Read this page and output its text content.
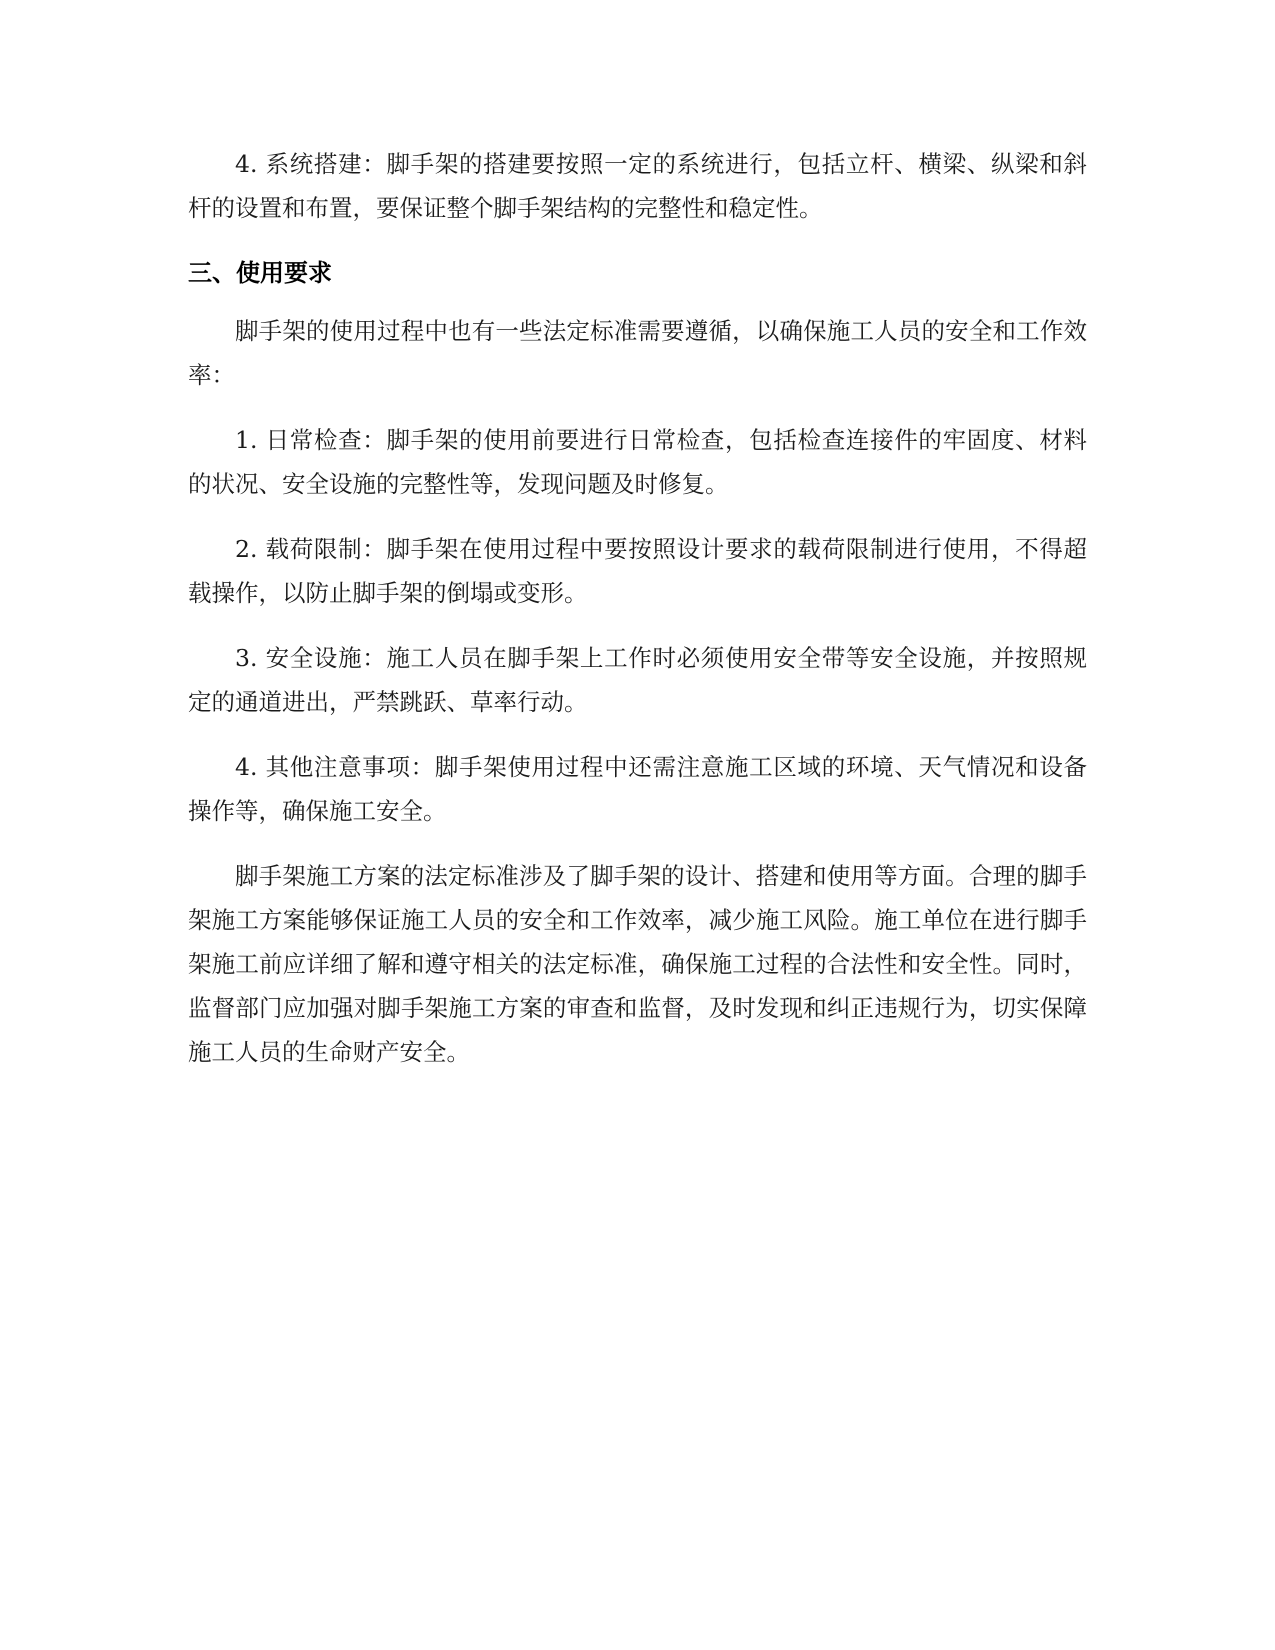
4. 系统搭建：脚手架的搭建要按照一定的系统进行，包括立杆、横梁、纵梁和斜杆的设置和布置，要保证整个脚手架结构的完整性和稳定性。

三、使用要求

脚手架的使用过程中也有一些法定标准需要遵循，以确保施工人员的安全和工作效率：

1. 日常检查：脚手架的使用前要进行日常检查，包括检查连接件的牢固度、材料的状况、安全设施的完整性等，发现问题及时修复。

2. 载荷限制：脚手架在使用过程中要按照设计要求的载荷限制进行使用，不得超载操作，以防止脚手架的倒塌或变形。

3. 安全设施：施工人员在脚手架上工作时必须使用安全带等安全设施，并按照规定的通道进出，严禁跳跃、草率行动。

4. 其他注意事项：脚手架使用过程中还需注意施工区域的环境、天气情况和设备操作等，确保施工安全。

脚手架施工方案的法定标准涉及了脚手架的设计、搭建和使用等方面。合理的脚手架施工方案能够保证施工人员的安全和工作效率，减少施工风险。施工单位在进行脚手架施工前应详细了解和遵守相关的法定标准，确保施工过程的合法性和安全性。同时，监督部门应加强对脚手架施工方案的审查和监督，及时发现和纠正违规行为，切实保障施工人员的生命财产安全。
